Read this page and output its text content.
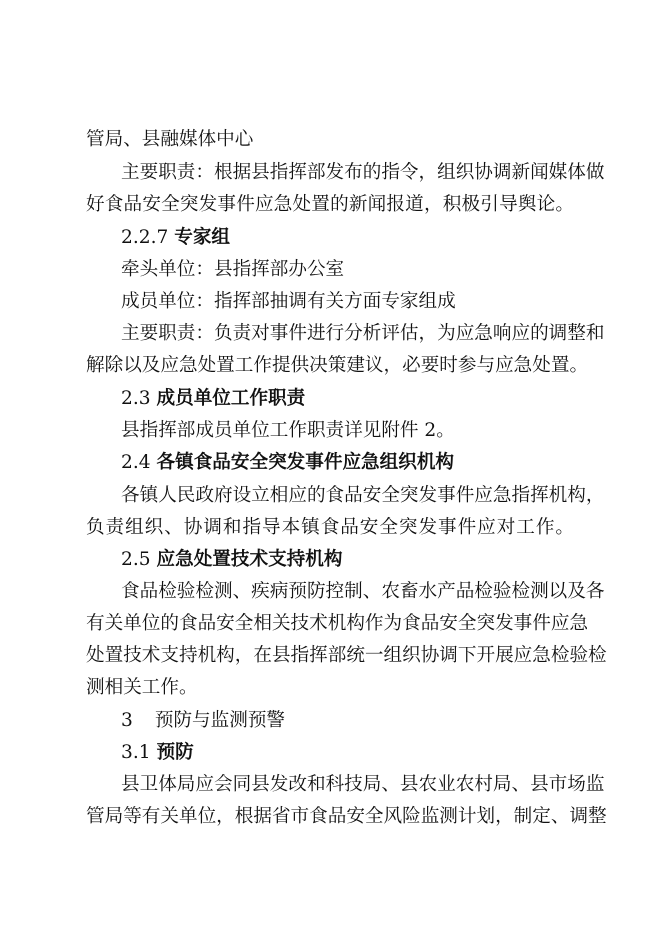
管局、县融媒体中心
主要职责：根据县指挥部发布的指令，组织协调新闻媒体做
好食品安全突发事件应急处置的新闻报道，积极引导舆论。
2.2.7 专家组
牵头单位：县指挥部办公室
成员单位：指挥部抽调有关方面专家组成
主要职责：负责对事件进行分析评估，为应急响应的调整和
解除以及应急处置工作提供决策建议，必要时参与应急处置。
2.3 成员单位工作职责
县指挥部成员单位工作职责详见附件 2。
2.4 各镇食品安全突发事件应急组织机构
各镇人民政府设立相应的食品安全突发事件应急指挥机构，
负责组织、协调和指导本镇食品安全突发事件应对工作。
2.5 应急处置技术支持机构
食品检验检测、疾病预防控制、农畜水产品检验检测以及各
有关单位的食品安全相关技术机构作为食品安全突发事件应急
处置技术支持机构，在县指挥部统一组织协调下开展应急检验检
测相关工作。
3 预防与监测预警
3.1 预防
县卫体局应会同县发改和科技局、县农业农村局、县市场监
管局等有关单位，根据省市食品安全风险监测计划，制定、调整
